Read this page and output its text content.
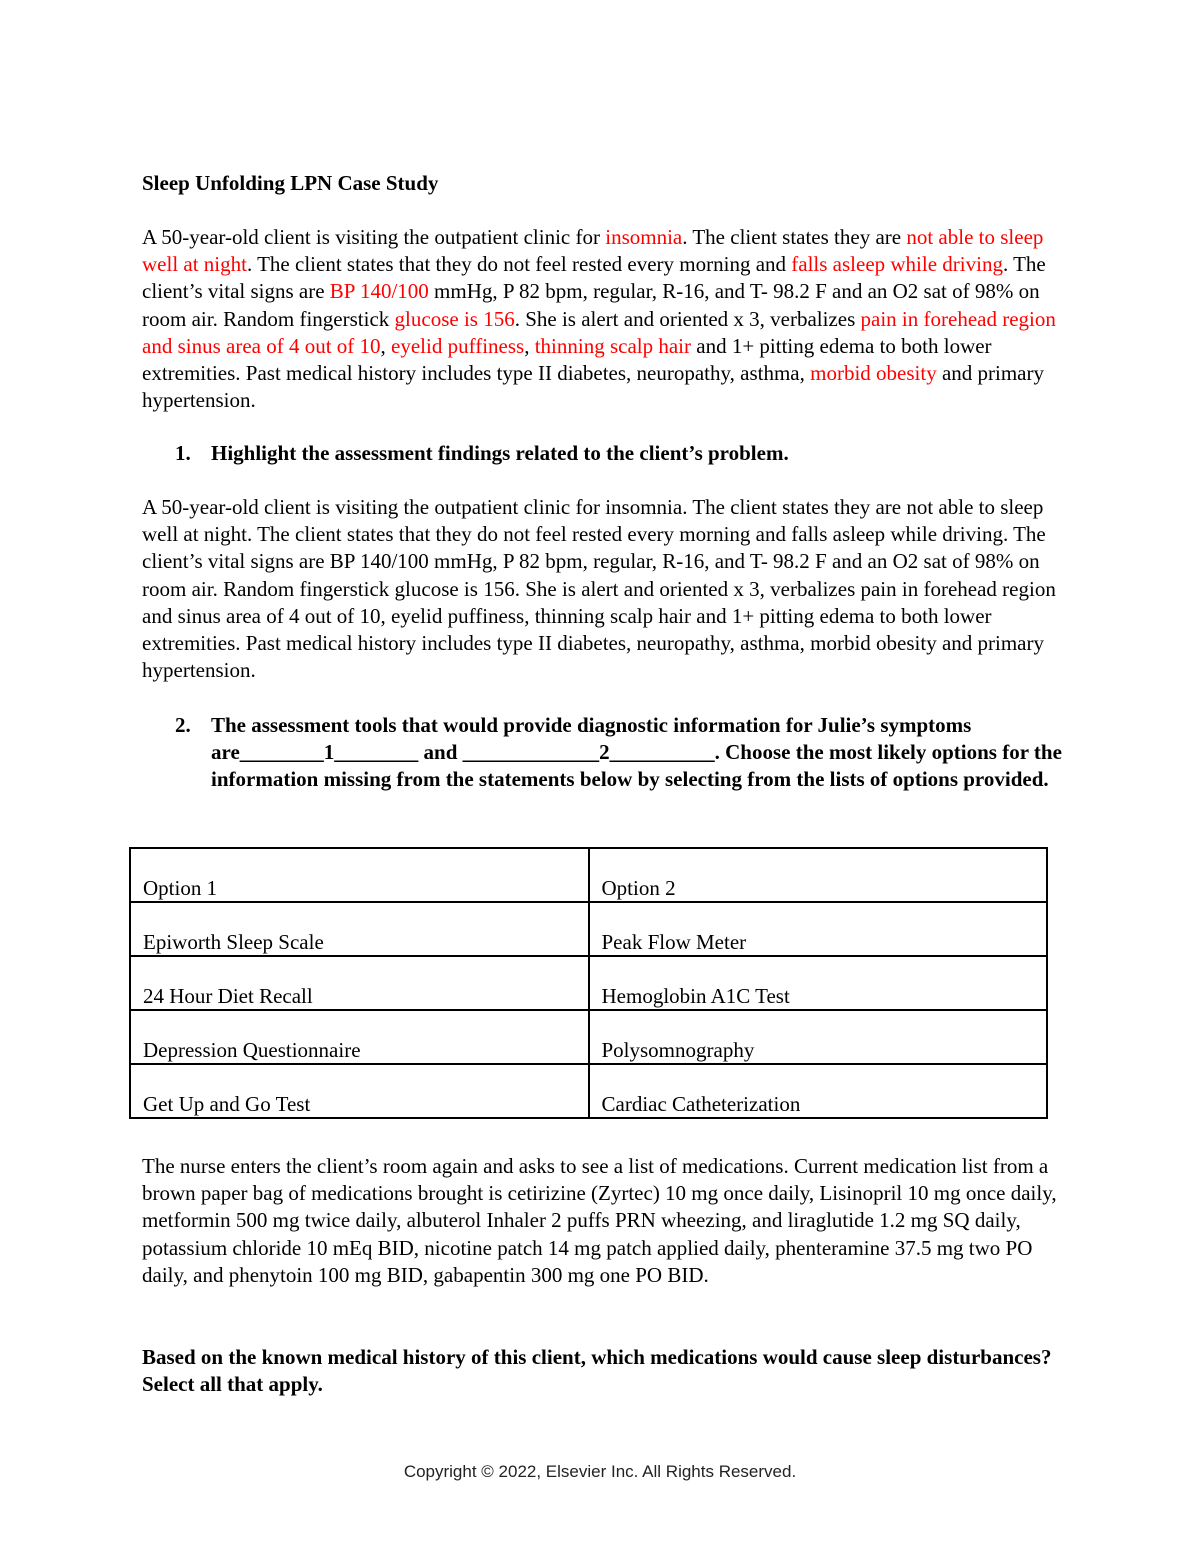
Sleep Unfolding LPN Case Study

A 50-year-old client is visiting the outpatient clinic for insomnia. The client states they are not able to sleep well at night. The client states that they do not feel rested every morning and falls asleep while driving. The client’s vital signs are BP 140/100 mmHg, P 82 bpm, regular, R-16, and T- 98.2 F and an O2 sat of 98% on room air. Random fingerstick glucose is 156. She is alert and oriented x 3, verbalizes pain in forehead region and sinus area of 4 out of 10, eyelid puffiness, thinning scalp hair and 1+ pitting edema to both lower extremities. Past medical history includes type II diabetes, neuropathy, asthma, morbid obesity and primary hypertension.

1. Highlight the assessment findings related to the client’s problem.

A 50-year-old client is visiting the outpatient clinic for insomnia. The client states they are not able to sleep well at night. The client states that they do not feel rested every morning and falls asleep while driving. The client’s vital signs are BP 140/100 mmHg, P 82 bpm, regular, R-16, and T- 98.2 F and an O2 sat of 98% on room air. Random fingerstick glucose is 156. She is alert and oriented x 3, verbalizes pain in forehead region and sinus area of 4 out of 10, eyelid puffiness, thinning scalp hair and 1+ pitting edema to both lower extremities. Past medical history includes type II diabetes, neuropathy, asthma, morbid obesity and primary hypertension.

2. The assessment tools that would provide diagnostic information for Julie’s symptoms are________1________ and _____________2__________. Choose the most likely options for the information missing from the statements below by selecting from the lists of options provided.
Option 1	Option 2
Epiworth Sleep Scale	Peak Flow Meter
24 Hour Diet Recall	Hemoglobin A1C Test
Depression Questionnaire	Polysomnography
Get Up and Go Test	Cardiac Catheterization

The nurse enters the client’s room again and asks to see a list of medications. Current medication list from a brown paper bag of medications brought is cetirizine (Zyrtec) 10 mg once daily, Lisinopril 10 mg once daily, metformin 500 mg twice daily, albuterol Inhaler 2 puffs PRN wheezing, and liraglutide 1.2 mg SQ daily, potassium chloride 10 mEq BID, nicotine patch 14 mg patch applied daily, phenteramine 37.5 mg two PO daily, and phenytoin 100 mg BID, gabapentin 300 mg one PO BID.

Based on the known medical history of this client, which medications would cause sleep disturbances? Select all that apply.

Copyright © 2022, Elsevier Inc. All Rights Reserved.
